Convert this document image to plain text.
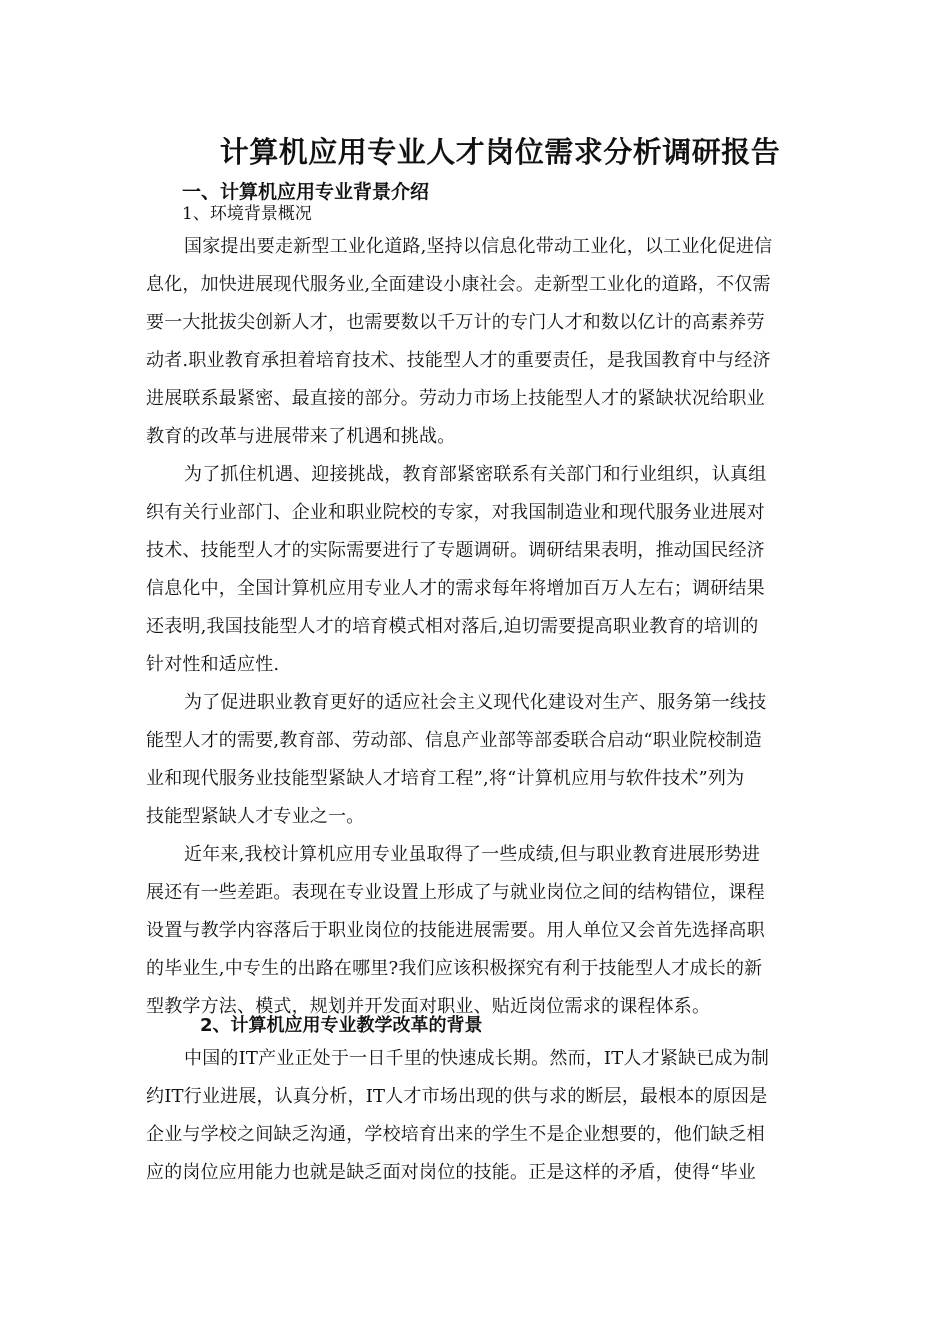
计算机应用专业人才岗位需求分析调研报告
一、计算机应用专业背景介绍
1、环境背景概况
国家提出要走新型工业化道路,坚持以信息化带动工业化，以工业化促进信
息化，加快进展现代服务业,全面建设小康社会。走新型工业化的道路，不仅需
要一大批拔尖创新人才，也需要数以千万计的专门人才和数以亿计的高素养劳
动者.职业教育承担着培育技术、技能型人才的重要责任，是我国教育中与经济
进展联系最紧密、最直接的部分。劳动力市场上技能型人才的紧缺状况给职业
教育的改革与进展带来了机遇和挑战。
为了抓住机遇、迎接挑战，教育部紧密联系有关部门和行业组织，认真组
织有关行业部门、企业和职业院校的专家，对我国制造业和现代服务业进展对
技术、技能型人才的实际需要进行了专题调研。调研结果表明，推动国民经济
信息化中，全国计算机应用专业人才的需求每年将增加百万人左右；调研结果
还表明,我国技能型人才的培育模式相对落后,迫切需要提高职业教育的培训的
针对性和适应性.
为了促进职业教育更好的适应社会主义现代化建设对生产、服务第一线技
能型人才的需要,教育部、劳动部、信息产业部等部委联合启动“职业院校制造
业和现代服务业技能型紧缺人才培育工程”,将“计算机应用与软件技术”列为
技能型紧缺人才专业之一。
近年来,我校计算机应用专业虽取得了一些成绩,但与职业教育进展形势进
展还有一些差距。表现在专业设置上形成了与就业岗位之间的结构错位，课程
设置与教学内容落后于职业岗位的技能进展需要。用人单位又会首先选择高职
的毕业生,中专生的出路在哪里?我们应该积极探究有利于技能型人才成长的新
型教学方法、模式，规划并开发面对职业、贴近岗位需求的课程体系。
2、计算机应用专业教学改革的背景
中国的IT产业正处于一日千里的快速成长期。然而，IT人才紧缺已成为制
约IT行业进展，认真分析，IT人才市场出现的供与求的断层，最根本的原因是
企业与学校之间缺乏沟通，学校培育出来的学生不是企业想要的，他们缺乏相
应的岗位应用能力也就是缺乏面对岗位的技能。正是这样的矛盾，使得“毕业
